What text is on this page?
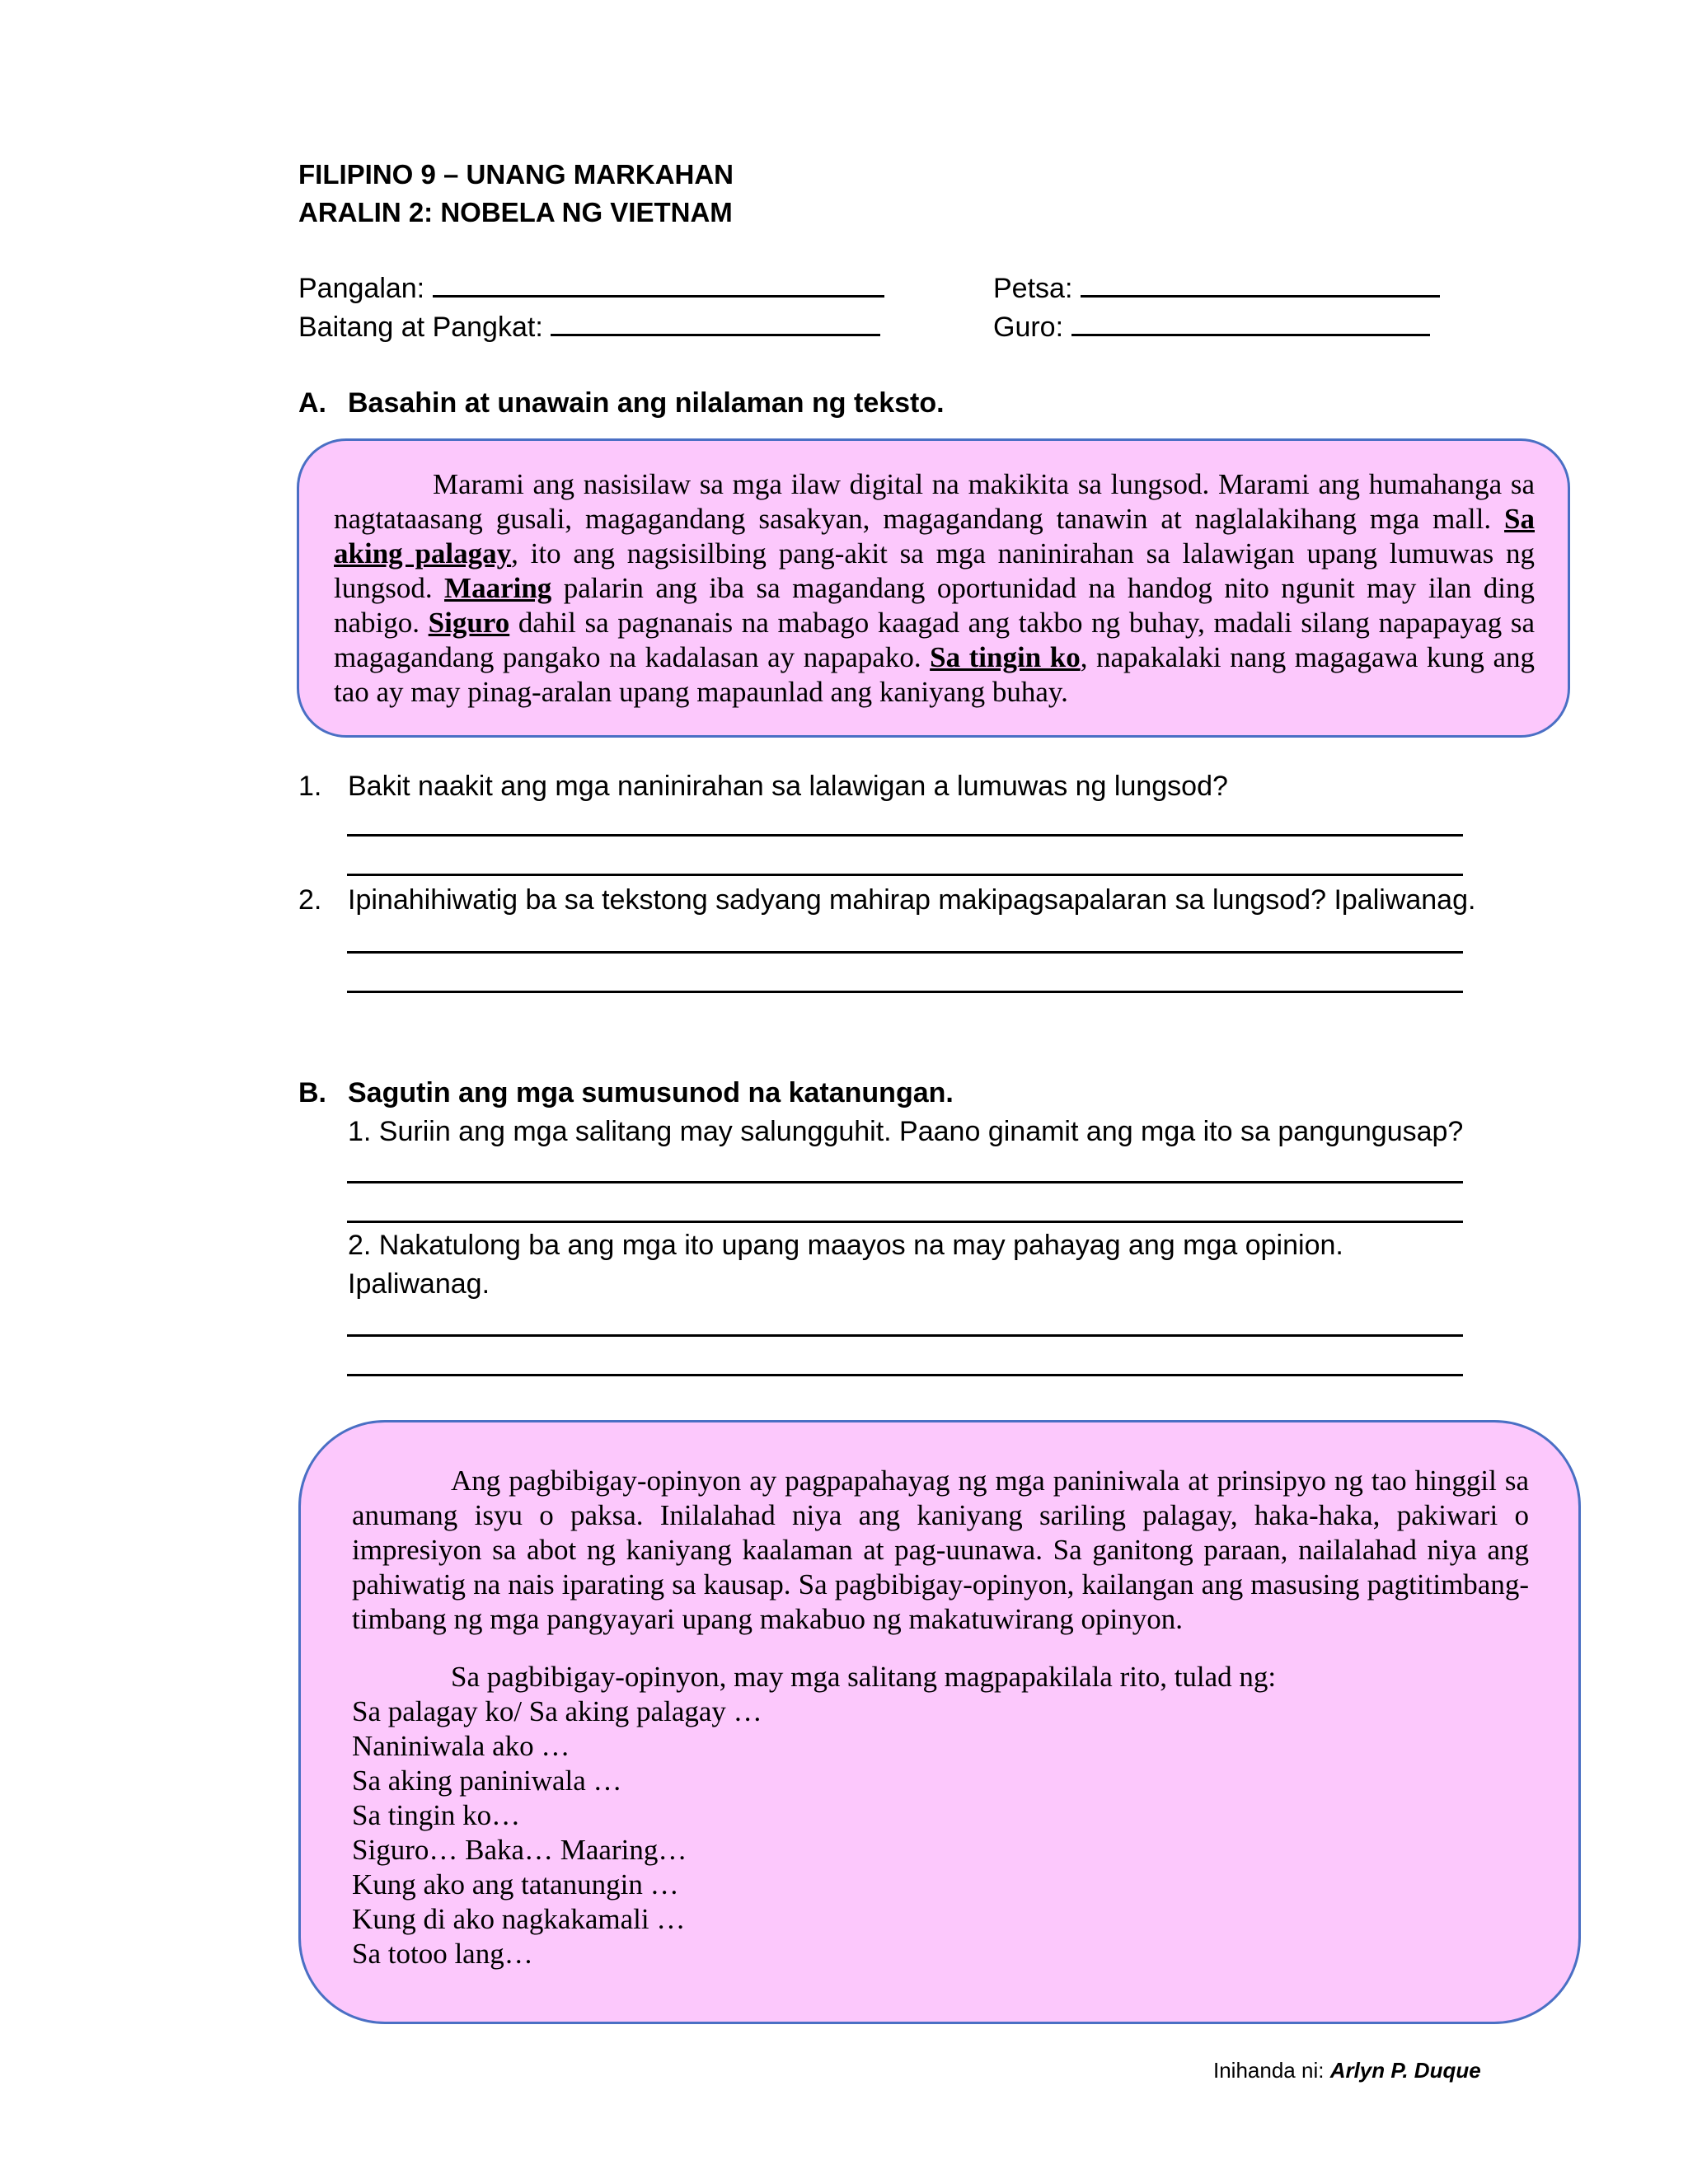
FILIPINO 9 – UNANG MARKAHAN
ARALIN 2: NOBELA NG VIETNAM
Pangalan:	Petsa:
Baitang at Pangkat:	Guro:
A. Basahin at unawain ang nilalaman ng teksto.

Marami ang nasisilaw sa mga ilaw digital na makikita sa lungsod. Marami ang humahanga sa nagtataasang gusali, magagandang sasakyan, magagandang tanawin at naglalakihang mga mall. Sa aking palagay, ito ang nagsisilbing pang-akit sa mga naninirahan sa lalawigan upang lumuwas ng lungsod. Maaring palarin ang iba sa magandang oportunidad na handog nito ngunit may ilan ding nabigo. Siguro dahil sa pagnanais na mabago kaagad ang takbo ng buhay, madali silang napapayag sa magagandang pangako na kadalasan ay napapako. Sa tingin ko, napakalaki nang magagawa kung ang tao ay may pinag-aralan upang mapaunlad ang kaniyang buhay.

1. Bakit naakit ang mga naninirahan sa lalawigan a lumuwas ng lungsod?
2. Ipinahihiwatig ba sa tekstong sadyang mahirap makipagsapalaran sa lungsod? Ipaliwanag.
B. Sagutin ang mga sumusunod na katanungan.
1. Suriin ang mga salitang may salungguhit. Paano ginamit ang mga ito sa pangungusap?
2. Nakatulong ba ang mga ito upang maayos na may pahayag ang mga opinion.
Ipaliwanag.

Ang pagbibigay-opinyon ay pagpapahayag ng mga paniniwala at prinsipyo ng tao hinggil sa anumang isyu o paksa. Inilalahad niya ang kaniyang sariling palagay, haka-haka, pakiwari o impresiyon sa abot ng kaniyang kaalaman at pag-uunawa. Sa ganitong paraan, nailalahad niya ang pahiwatig na nais iparating sa kausap. Sa pagbibigay-opinyon, kailangan ang masusing pagtitimbang-timbang ng mga pangyayari upang makabuo ng makatuwirang opinyon.

Sa pagbibigay-opinyon, may mga salitang magpapakilala rito, tulad ng:

Sa palagay ko/ Sa aking palagay …
Naniniwala ako …
Sa aking paniniwala …
Sa tingin ko…
Siguro… Baka… Maaring…
Kung ako ang tatanungin …
Kung di ako nagkakamali …
Sa totoo lang…
Inihanda ni: Arlyn P. Duque
